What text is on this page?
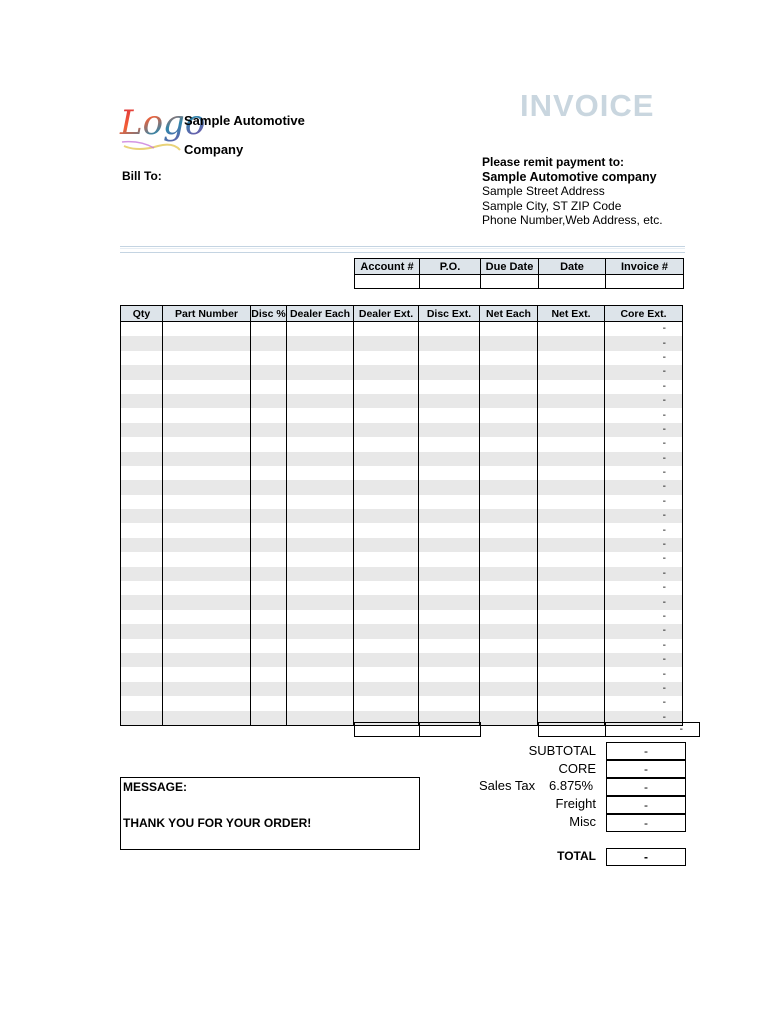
Logo
Sample Automotive
Company
INVOICE
Bill To:
Please remit payment to:
Sample Automotive company
Sample Street Address
Sample City, ST ZIP Code
Phone Number,Web Address, etc.
Account #	P.O.	Due Date	Date	Invoice #

Qty	Part Number	Disc %	Dealer Each	Dealer Ext.	Disc Ext.	Net Each	Net Ext.	Core Ext.
								-
								-
								-
								-
								-
								-
								-
								-
								-
								-
								-
								-
								-
								-
								-
								-
								-
								-
								-
								-
								-
								-
								-
								-
								-
								-
								-
								-
				-
SUBTOTAL	-
CORE	-
Sales Tax 6.875%	-
Freight	-
Misc	-
TOTAL	-
MESSAGE:
THANK YOU FOR YOUR ORDER!
